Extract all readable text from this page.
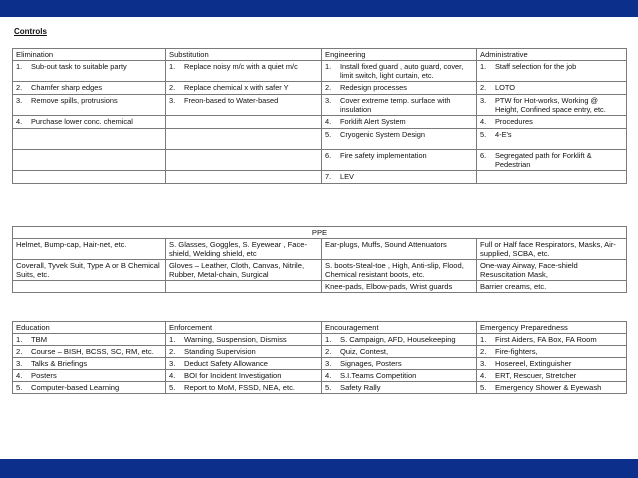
Controls
Elimination	Substitution	Engineering	Administrative

1. Sub-out task to suitable party	1. Replace noisy m/c with a quiet m/c	1. Install fixed guard , auto guard, cover, limit switch, light curtain, etc.	1. Staff selection for the job

2. Chamfer sharp edges	2. Replace chemical x with safer Y	2. Redesign processes	2. LOTO

3. Remove spills, protrusions	3. Freon-based to Water-based	3. Cover extreme temp. surface with insulation	3. PTW for Hot-works, Working @ Height, Confined space entry, etc.

4. Purchase lower conc. chemical		4. Forklift Alert System	4. Procedures

		5. Cryogenic System Design	5. 4-E's

		6. Fire safety implementation	6. Segregated path for Forklift & Pedestrian

		7. LEV	

PPE			
Helmet, Bump-cap, Hair-net, etc.	S. Glasses, Goggles, S. Eyewear , Face-shield, Welding shield, etc	Ear-plugs, Muffs, Sound Attenuators	Full or Half face Respirators, Masks, Air-supplied, SCBA, etc.
Coverall, Tyvek Suit, Type A or B Chemical Suits, etc.	Gloves – Leather, Cloth, Canvas, Nitrile, Rubber, Metal-chain, Surgical	S. boots-Steal-toe , High, Anti-slip, Flood, Chemical resistant boots, etc.	One-way Airway, Face-shield Resuscitation Mask,
		Knee-pads, Elbow-pads, Wrist guards	Barrier creams, etc.
Education	Enforcement	Encouragement	Emergency Preparedness

1. TBM	1. Warning, Suspension, Dismiss	1. S. Campaign, AFD, Housekeeping	1. First Aiders, FA Box, FA Room

2. Course – BISH, BCSS, SC, RM, etc.	2. Standing Supervision	2. Quiz, Contest,	2. Fire-fighters,

3. Talks & Briefings	3. Deduct Safety Allowance	3. Signages, Posters	3. Hosereel, Extinguisher

4. Posters	4. BOI for Incident Investigation	4. S.I.Teams Competition	4. ERT, Rescuer, Stretcher

5. Computer-based Learning	5. Report to MoM, FSSD, NEA, etc.	5. Safety Rally	5. Emergency Shower & Eyewash
